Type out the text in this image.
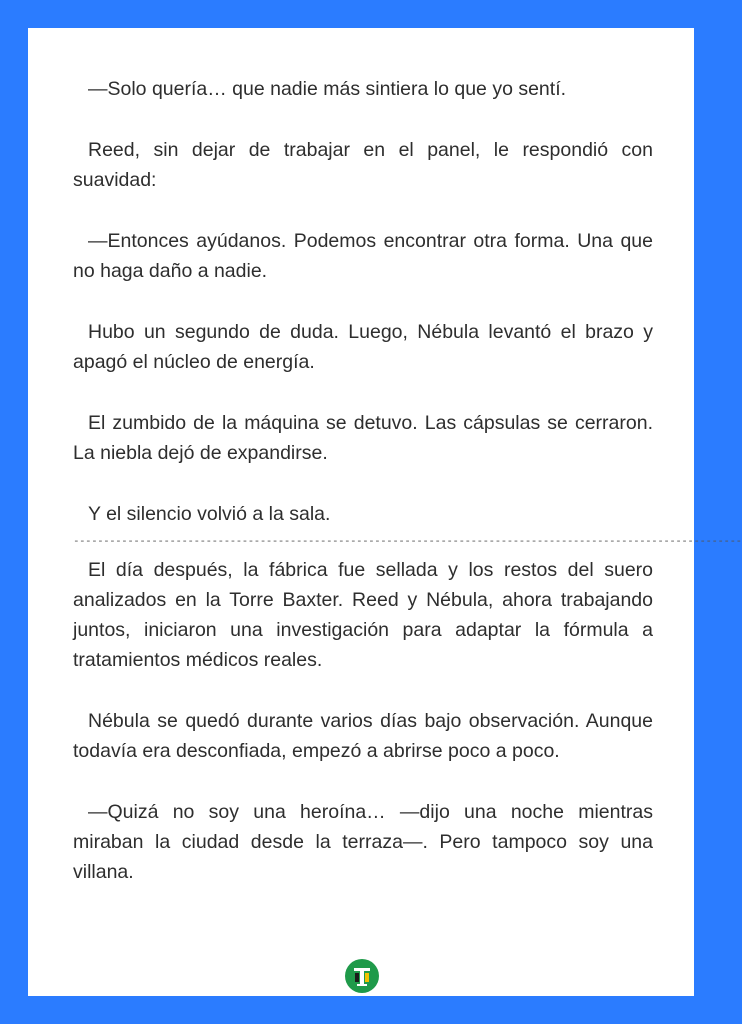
—Solo quería… que nadie más sintiera lo que yo sentí.

Reed, sin dejar de trabajar en el panel, le respondió con suavidad:

—Entonces ayúdanos. Podemos encontrar otra forma. Una que no haga daño a nadie.

Hubo un segundo de duda. Luego, Nébula levantó el brazo y apagó el núcleo de energía.

El zumbido de la máquina se detuvo. Las cápsulas se cerraron. La niebla dejó de expandirse.

Y el silencio volvió a la sala.

---------------------------------------------------------------------------------------------------------------

El día después, la fábrica fue sellada y los restos del suero analizados en la Torre Baxter. Reed y Nébula, ahora trabajando juntos, iniciaron una investigación para adaptar la fórmula a tratamientos médicos reales.

Nébula se quedó durante varios días bajo observación. Aunque todavía era desconfiada, empezó a abrirse poco a poco.

—Quizá no soy una heroína… —dijo una noche mientras miraban la ciudad desde la terraza—. Pero tampoco soy una villana.
